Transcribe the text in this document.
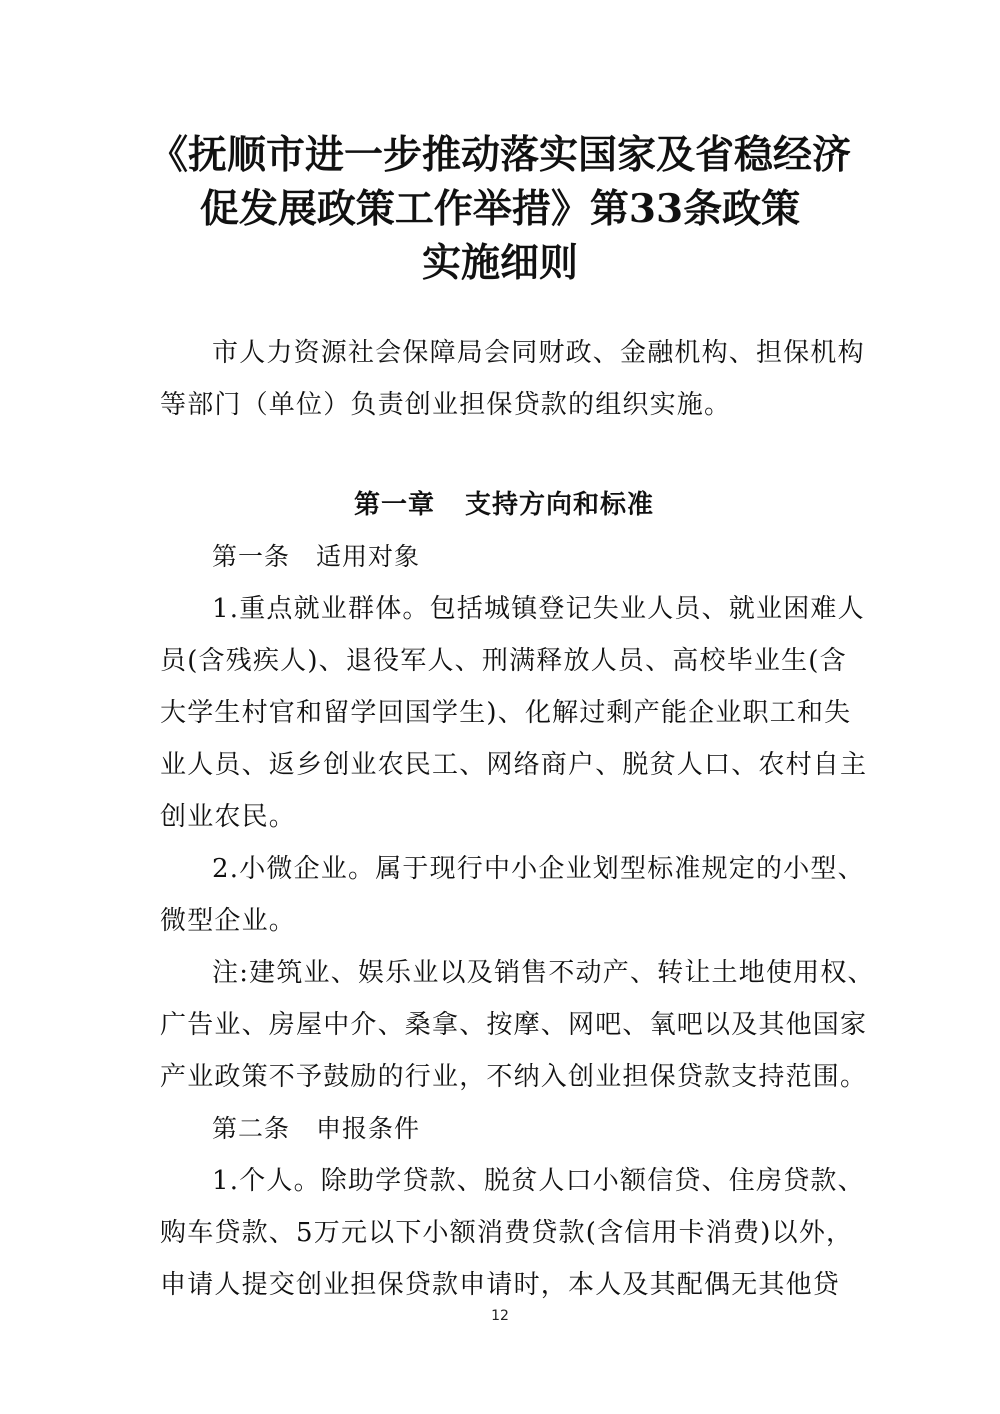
《抚顺市进一步推动落实国家及省稳经济
促发展政策工作举措》第33条政策
实施细则

市人力资源社会保障局会同财政、金融机构、担保机构
等部门（单位）负责创业担保贷款的组织实施。

第一章 支持方向和标准

第一条 适用对象

1.重点就业群体。包括城镇登记失业人员、就业困难人
员(含残疾人)、退役军人、刑满释放人员、高校毕业生(含
大学生村官和留学回国学生)、化解过剩产能企业职工和失
业人员、返乡创业农民工、网络商户、脱贫人口、农村自主
创业农民。

2.小微企业。属于现行中小企业划型标准规定的小型、
微型企业。

注:建筑业、娱乐业以及销售不动产、转让土地使用权、
广告业、房屋中介、桑拿、按摩、网吧、氧吧以及其他国家
产业政策不予鼓励的行业，不纳入创业担保贷款支持范围。

第二条 申报条件

1.个人。除助学贷款、脱贫人口小额信贷、住房贷款、
购车贷款、5万元以下小额消费贷款(含信用卡消费)以外，
申请人提交创业担保贷款申请时，本人及其配偶无其他贷

12
